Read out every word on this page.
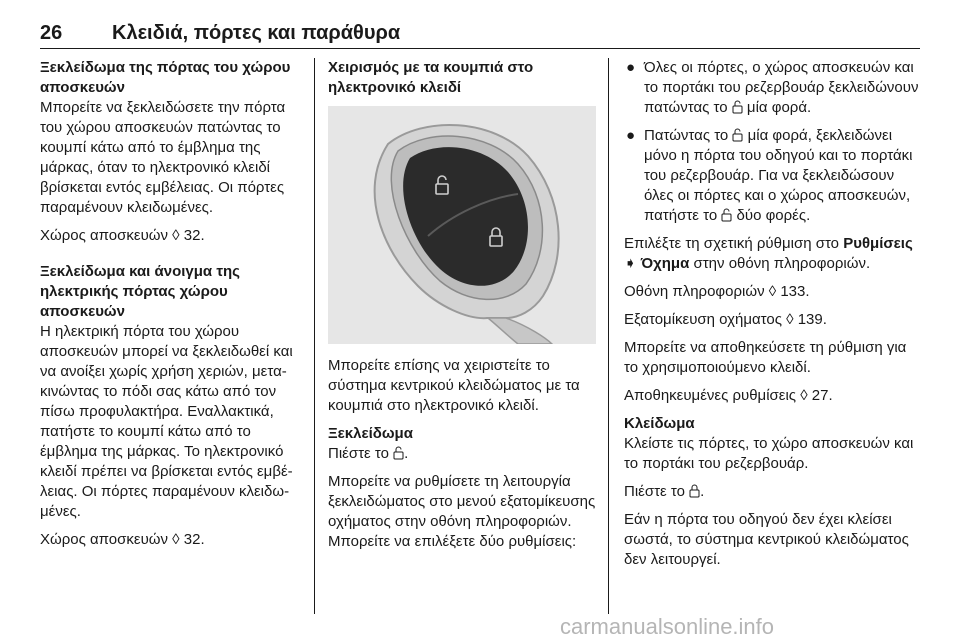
26 Κλειδιά, πόρτες και παράθυρα

Ξεκλείδωμα της πόρτας του χώρου αποσκευών

Μπορείτε να ξεκλειδώσετε την πόρτα του χώρου αποσκευών πατώντας το κουμπί κάτω από το έμβλημα της μάρκας, όταν το ηλεκτρονικό κλειδί βρίσκεται εντός εμβέλειας. Οι πόρτες παραμένουν κλειδωμένες.

Χώρος αποσκευών ◊ 32.

Ξεκλείδωμα και άνοιγμα της ηλεκτρικής πόρτας χώρου αποσκευών

Η ηλεκτρική πόρτα του χώρου αποσκευών μπορεί να ξεκλειδωθεί και να ανοίξει χωρίς χρήση χεριών, μετακινώντας το πόδι σας κάτω από τον πίσω προφυλακτήρα. Εναλλακτικά, πατήστε το κουμπί κάτω από το έμβλημα της μάρκας. Το ηλεκτρονικό κλειδί πρέπει να βρίσκεται εντός εμβέλειας. Οι πόρτες παραμένουν κλειδωμένες.

Χώρος αποσκευών ◊ 32.

Χειρισμός με τα κουμπιά στο ηλεκτρονικό κλειδί

Μπορείτε επίσης να χειριστείτε το σύστημα κεντρικού κλειδώματος με τα κουμπιά στο ηλεκτρονικό κλειδί.

Ξεκλείδωμα

Πιέστε το .

Μπορείτε να ρυθμίσετε τη λειτουργία ξεκλειδώματος στο μενού εξατομίκευσης οχήματος στην οθόνη πληροφοριών. Μπορείτε να επιλέξετε δύο ρυθμίσεις:

● Όλες οι πόρτες, ο χώρος αποσκευών και το πορτάκι του ρεζερβουάρ ξεκλειδώνουν πατώντας το μία φορά.
● Πατώντας το μία φορά, ξεκλειδώνει μόνο η πόρτα του οδηγού και το πορτάκι του ρεζερβουάρ. Για να ξεκλειδώσουν όλες οι πόρτες και ο χώρος αποσκευών, πατήστε το δύο φορές.

Επιλέξτε τη σχετική ρύθμιση στο Ρυθμίσεις ➧ Όχημα στην οθόνη πληροφοριών.

Οθόνη πληροφοριών ◊ 133.

Εξατομίκευση οχήματος ◊ 139.

Μπορείτε να αποθηκεύσετε τη ρύθμιση για το χρησιμοποιούμενο κλειδί.

Αποθηκευμένες ρυθμίσεις ◊ 27.

Κλείδωμα

Κλείστε τις πόρτες, το χώρο αποσκευών και το πορτάκι του ρεζερβουάρ.

Πιέστε το .

Εάν η πόρτα του οδηγού δεν έχει κλείσει σωστά, το σύστημα κεντρικού κλειδώματος δεν λειτουργεί.

carmanualsonline.info
